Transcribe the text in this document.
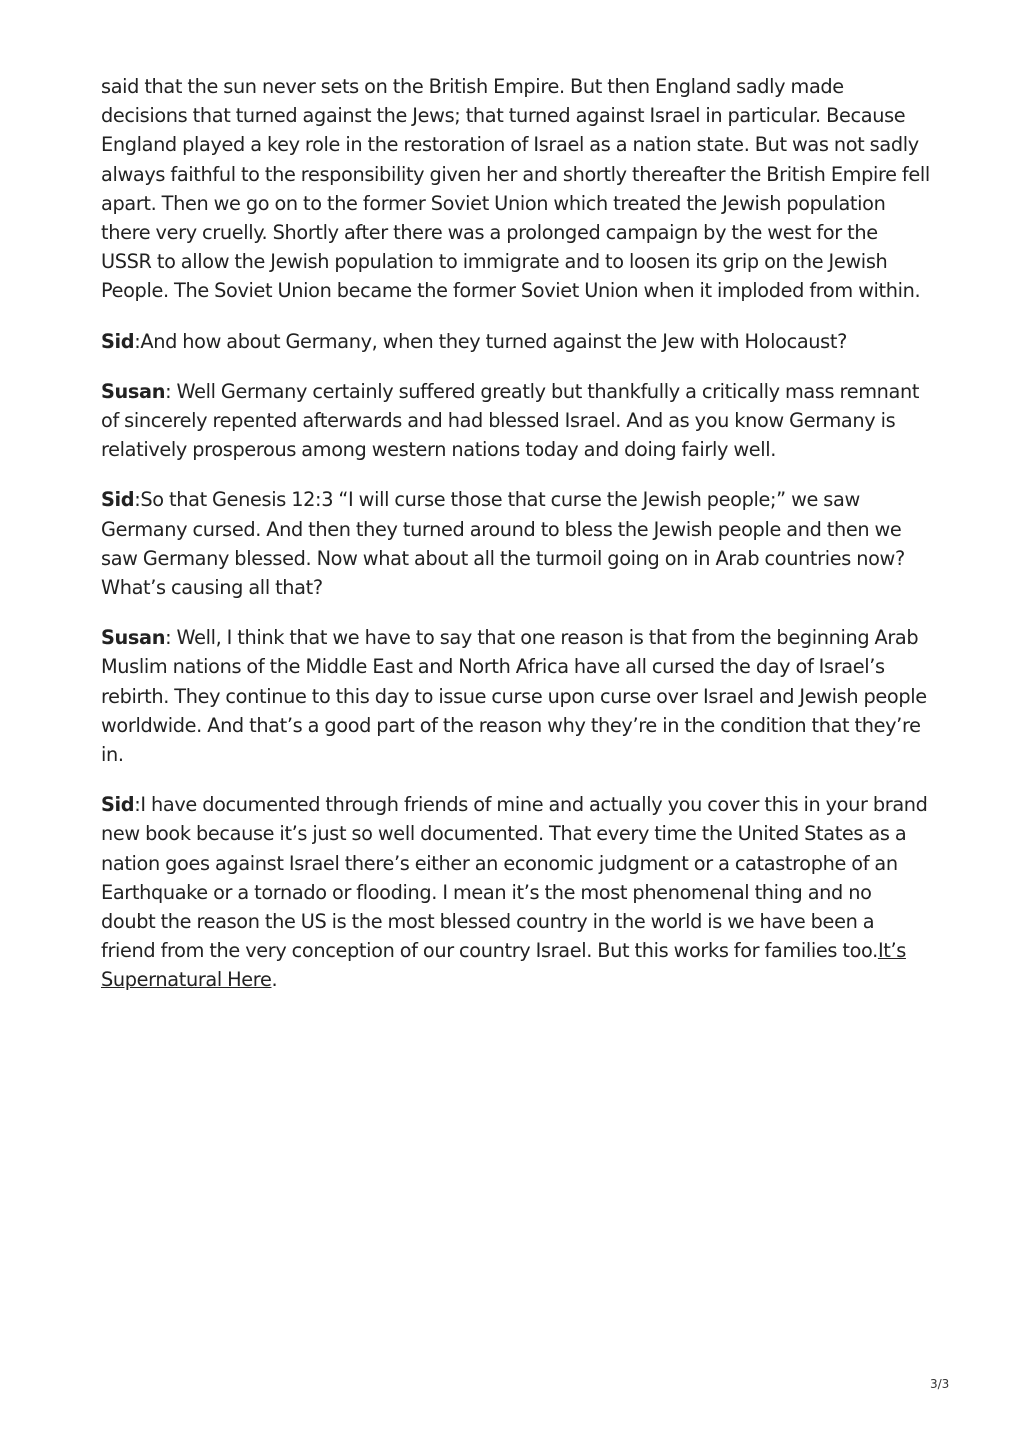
said that the sun never sets on the British Empire. But then England sadly made decisions that turned against the Jews; that turned against Israel in particular. Because England played a key role in the restoration of Israel as a nation state. But was not sadly always faithful to the responsibility given her and shortly thereafter the British Empire fell apart. Then we go on to the former Soviet Union which treated the Jewish population there very cruelly. Shortly after there was a prolonged campaign by the west for the USSR to allow the Jewish population to immigrate and to loosen its grip on the Jewish People. The Soviet Union became the former Soviet Union when it imploded from within.

Sid:And how about Germany, when they turned against the Jew with Holocaust?

Susan: Well Germany certainly suffered greatly but thankfully a critically mass remnant of sincerely repented afterwards and had blessed Israel. And as you know Germany is relatively prosperous among western nations today and doing fairly well.

Sid:So that Genesis 12:3 “I will curse those that curse the Jewish people;” we saw Germany cursed. And then they turned around to bless the Jewish people and then we saw Germany blessed. Now what about all the turmoil going on in Arab countries now? What’s causing all that?

Susan: Well, I think that we have to say that one reason is that from the beginning Arab Muslim nations of the Middle East and North Africa have all cursed the day of Israel’s rebirth. They continue to this day to issue curse upon curse over Israel and Jewish people worldwide. And that’s a good part of the reason why they’re in the condition that they’re in.

Sid:I have documented through friends of mine and actually you cover this in your brand new book because it’s just so well documented. That every time the United States as a nation goes against Israel there’s either an economic judgment or a catastrophe of an Earthquake or a tornado or flooding. I mean it’s the most phenomenal thing and no doubt the reason the US is the most blessed country in the world is we have been a friend from the very conception of our country Israel. But this works for families too.It’s Supernatural Here.

3/3
